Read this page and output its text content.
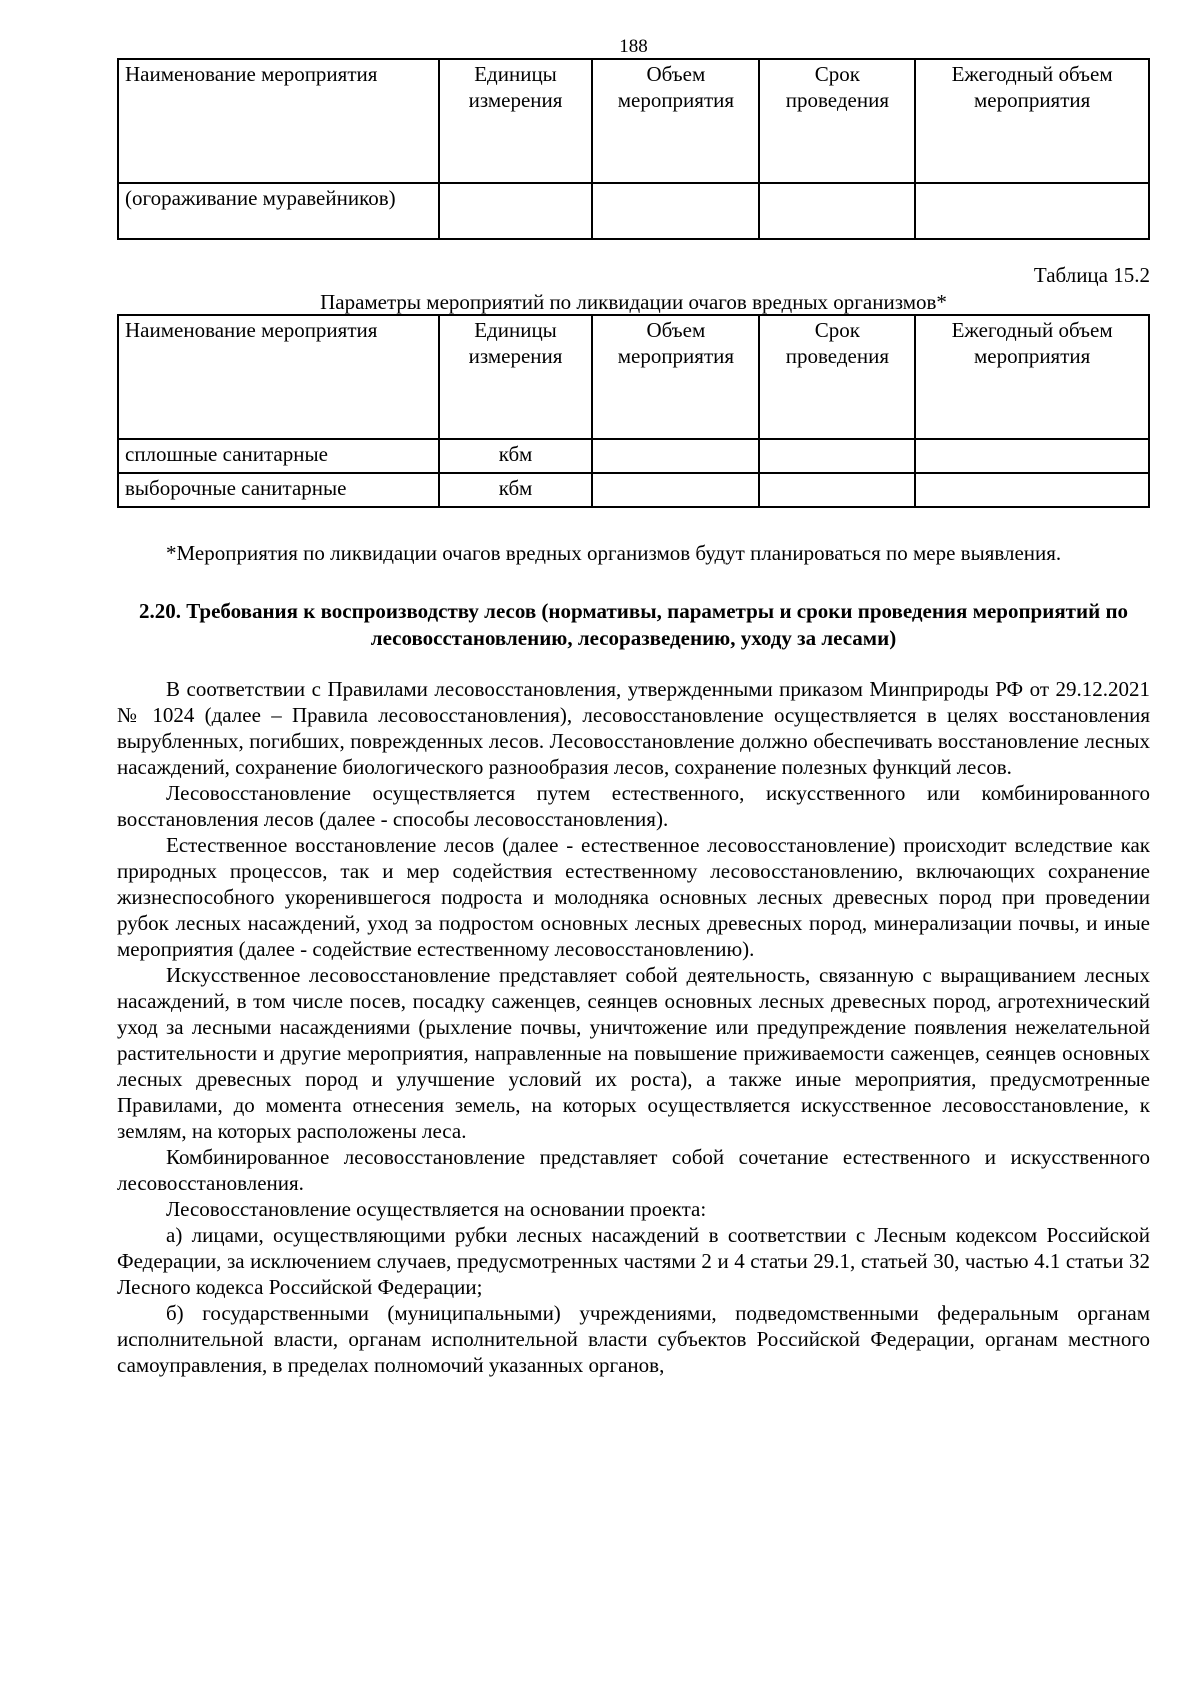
188

Наименование мероприятия	Единицы измерения	Объем мероприятия	Срок проведения	Ежегодный объем мероприятия
(огораживание муравейников)				

Таблица 15.2

Параметры мероприятий по ликвидации очагов вредных организмов*

Наименование мероприятия	Единицы измерения	Объем мероприятия	Срок проведения	Ежегодный объем мероприятия
сплошные санитарные	кбм			
выборочные санитарные	кбм			

*Мероприятия по ликвидации очагов вредных организмов будут планироваться по мере выявления.

2.20. Требования к воспроизводству лесов (нормативы, параметры и сроки проведения мероприятий по лесовосстановлению, лесоразведению, уходу за лесами)

В соответствии с Правилами лесовосстановления, утвержденными приказом Минприроды РФ от 29.12.2021 № 1024 (далее – Правила лесовосстановления), лесовосстановление осуществляется в целях восстановления вырубленных, погибших, поврежденных лесов. Лесовосстановление должно обеспечивать восстановление лесных насаждений, сохранение биологического разнообразия лесов, сохранение полезных функций лесов.

Лесовосстановление осуществляется путем естественного, искусственного или комбинированного восстановления лесов (далее - способы лесовосстановления).

Естественное восстановление лесов (далее - естественное лесовосстановление) происходит вследствие как природных процессов, так и мер содействия естественному лесовосстановлению, включающих сохранение жизнеспособного укоренившегося подроста и молодняка основных лесных древесных пород при проведении рубок лесных насаждений, уход за подростом основных лесных древесных пород, минерализации почвы, и иные мероприятия (далее - содействие естественному лесовосстановлению).

Искусственное лесовосстановление представляет собой деятельность, связанную с выращиванием лесных насаждений, в том числе посев, посадку саженцев, сеянцев основных лесных древесных пород, агротехнический уход за лесными насаждениями (рыхление почвы, уничтожение или предупреждение появления нежелательной растительности и другие мероприятия, направленные на повышение приживаемости саженцев, сеянцев основных лесных древесных пород и улучшение условий их роста), а также иные мероприятия, предусмотренные Правилами, до момента отнесения земель, на которых осуществляется искусственное лесовосстановление, к землям, на которых расположены леса.

Комбинированное лесовосстановление представляет собой сочетание естественного и искусственного лесовосстановления.

Лесовосстановление осуществляется на основании проекта:

а) лицами, осуществляющими рубки лесных насаждений в соответствии с Лесным кодексом Российской Федерации, за исключением случаев, предусмотренных частями 2 и 4 статьи 29.1, статьей 30, частью 4.1 статьи 32 Лесного кодекса Российской Федерации;

б) государственными (муниципальными) учреждениями, подведомственными федеральным органам исполнительной власти, органам исполнительной власти субъектов Российской Федерации, органам местного самоуправления, в пределах полномочий указанных органов,
